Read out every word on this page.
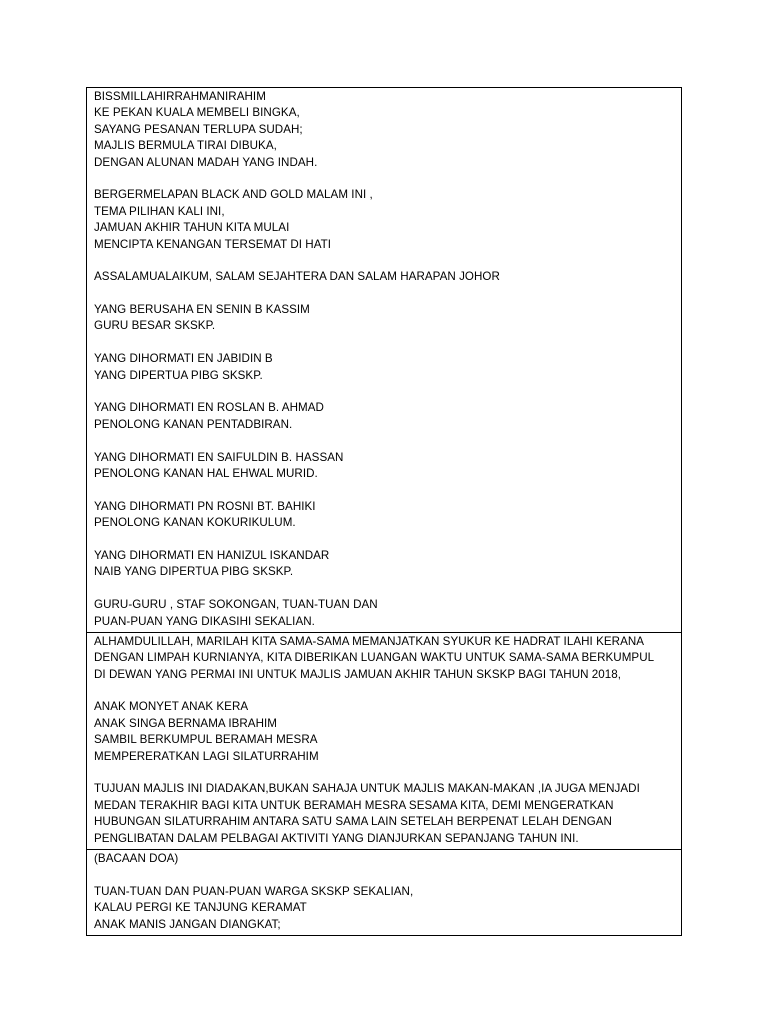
BISSMILLAHIRRAHMANIRAHIM
KE PEKAN KUALA MEMBELI BINGKA,
SAYANG PESANAN TERLUPA SUDAH;
MAJLIS BERMULA TIRAI DIBUKA,
DENGAN ALUNAN MADAH YANG INDAH.
BERGERMELAPAN BLACK AND GOLD MALAM INI ,
TEMA PILIHAN KALI INI,
JAMUAN AKHIR TAHUN KITA MULAI
MENCIPTA KENANGAN TERSEMAT DI HATI
ASSALAMUALAIKUM, SALAM SEJAHTERA DAN SALAM HARAPAN JOHOR
YANG BERUSAHA EN SENIN B KASSIM
GURU BESAR SKSKP.
YANG DIHORMATI EN JABIDIN B
YANG DIPERTUA PIBG SKSKP.
YANG DIHORMATI EN ROSLAN B. AHMAD
PENOLONG KANAN PENTADBIRAN.
YANG DIHORMATI EN SAIFULDIN B. HASSAN
PENOLONG KANAN HAL EHWAL MURID.
YANG DIHORMATI PN ROSNI BT. BAHIKI
PENOLONG KANAN KOKURIKULUM.
YANG DIHORMATI EN HANIZUL ISKANDAR
NAIB YANG DIPERTUA PIBG SKSKP.
GURU-GURU , STAF SOKONGAN, TUAN-TUAN DAN
PUAN-PUAN YANG DIKASIHI SEKALIAN.
ALHAMDULILLAH, MARILAH KITA SAMA-SAMA MEMANJATKAN SYUKUR KE HADRAT ILAHI KERANA
DENGAN LIMPAH KURNIANYA, KITA DIBERIKAN LUANGAN WAKTU UNTUK SAMA-SAMA BERKUMPUL
DI DEWAN YANG PERMAI INI UNTUK MAJLIS JAMUAN AKHIR TAHUN SKSKP BAGI TAHUN 2018,
ANAK MONYET ANAK KERA
ANAK SINGA BERNAMA IBRAHIM
SAMBIL BERKUMPUL BERAMAH MESRA
MEMPERERATKAN LAGI SILATURRAHIM
TUJUAN MAJLIS INI DIADAKAN,BUKAN SAHAJA UNTUK MAJLIS MAKAN-MAKAN ,IA JUGA MENJADI
MEDAN TERAKHIR BAGI KITA UNTUK BERAMAH MESRA SESAMA KITA, DEMI MENGERATKAN
HUBUNGAN SILATURRAHIM ANTARA SATU SAMA LAIN SETELAH BERPENAT LELAH DENGAN
PENGLIBATAN DALAM PELBAGAI AKTIVITI YANG DIANJURKAN SEPANJANG TAHUN INI.
(BACAAN DOA)
TUAN-TUAN DAN PUAN-PUAN WARGA SKSKP SEKALIAN,
KALAU PERGI KE TANJUNG KERAMAT
ANAK MANIS JANGAN DIANGKAT;
